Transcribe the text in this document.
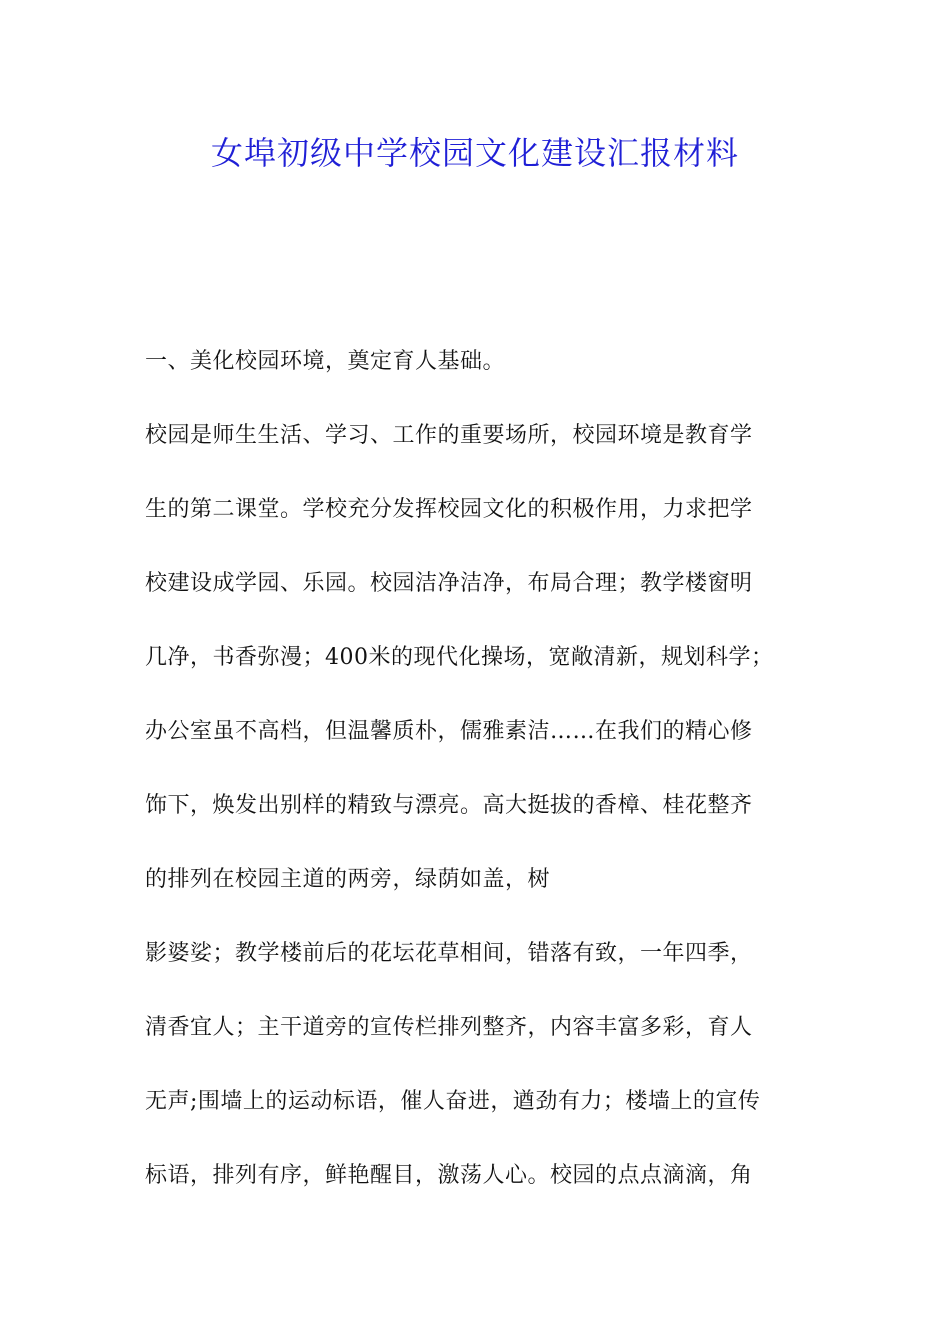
女埠初级中学校园文化建设汇报材料
一、美化校园环境，奠定育人基础。
校园是师生生活、学习、工作的重要场所，校园环境是教育学
生的第二课堂。学校充分发挥校园文化的积极作用，力求把学
校建设成学园、乐园。校园洁净洁净，布局合理；教学楼窗明
几净，书香弥漫；400米的现代化操场，宽敞清新，规划科学；
办公室虽不高档，但温馨质朴，儒雅素洁……在我们的精心修
饰下，焕发出别样的精致与漂亮。高大挺拔的香樟、桂花整齐
的排列在校园主道的两旁，绿荫如盖，树
影婆娑；教学楼前后的花坛花草相间，错落有致，一年四季，
清香宜人；主干道旁的宣传栏排列整齐，内容丰富多彩，育人
无声;围墙上的运动标语，催人奋进，遒劲有力；楼墙上的宣传
标语，排列有序，鲜艳醒目，激荡人心。校园的点点滴滴，角
